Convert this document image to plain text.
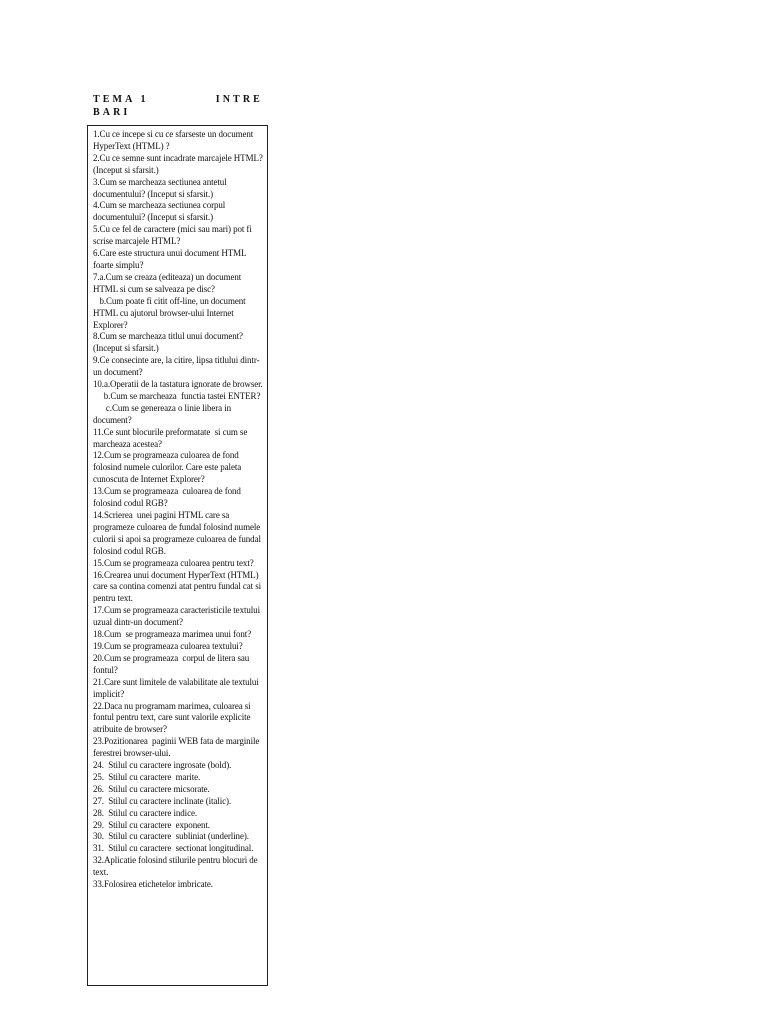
TEMA 1            INTREBARI
1.Cu ce incepe si cu ce sfarseste un document HyperText (HTML) ?
2.Cu ce semne sunt incadrate marcajele HTML? (Inceput si sfarsit.)
3.Cum se marcheaza sectiunea antetul documentului? (Inceput si sfarsit.)
4.Cum se marcheaza sectiunea corpul documentului? (Inceput si sfarsit.)
5.Cu ce fel de caractere (mici sau mari) pot fi scrise marcajele HTML?
6.Care este structura unui document HTML foarte simplu?
7.a.Cum se creaza (editeaza) un document HTML si cum se salveaza pe disc?
b.Cum poate fi citit off-line, un document HTML cu ajutorul browser-ului Internet Explorer?
8.Cum se marcheaza titlul unui document? (Inceput si sfarsit.)
9.Ce consecinte are, la citire, lipsa titlului dintr-un document?
10.a.Operatii de la tastatura ignorate de browser.
b.Cum se marcheaza  functia tastei ENTER?
c.Cum se genereaza o linie libera in document?
11.Ce sunt blocurile preformatate  si cum se marcheaza acestea?
12.Cum se programeaza culoarea de fond folosind numele culorilor. Care este paleta cunoscuta de Internet Explorer?
13.Cum se programeaza  culoarea de fond folosind codul RGB?
14.Scrierea  unei pagini HTML care sa programeze culoarea de fundal folosind numele culorii si apoi sa programeze culoarea de fundal  folosind codul RGB.
15.Cum se programeaza culoarea pentru text?
16.Crearea unui document HyperText (HTML) care sa contina comenzi atat pentru fundal cat si pentru text.
17.Cum se programeaza caracteristicile textului uzual dintr-un document?
18.Cum  se programeaza marimea unui font?
19.Cum se programeaza culoarea textului?
20.Cum se programeaza  corpul de litera sau  fontul?
21.Care sunt limitele de valabilitate ale textului implicit?
22.Daca nu programam marimea, culoarea si fontul pentru text, care sunt valorile explicite atribuite de browser?
23.Pozitionarea  paginii WEB fata de marginile ferestrei browser-ului.
24.  Stilul cu caractere ingrosate (bold).
25.  Stilul cu caractere  marite.
26.  Stilul cu caractere micsorate.
27.  Stilul cu caractere inclinate (italic).
28.  Stilul cu caractere indice.
29.  Stilul cu caractere  exponent.
30.  Stilul cu caractere  subliniat (underline).
31.  Stilul cu caractere  sectionat longitudinal.
32.Aplicatie folosind stilurile pentru blocuri de text.
33.Folosirea etichetelor imbricate.
